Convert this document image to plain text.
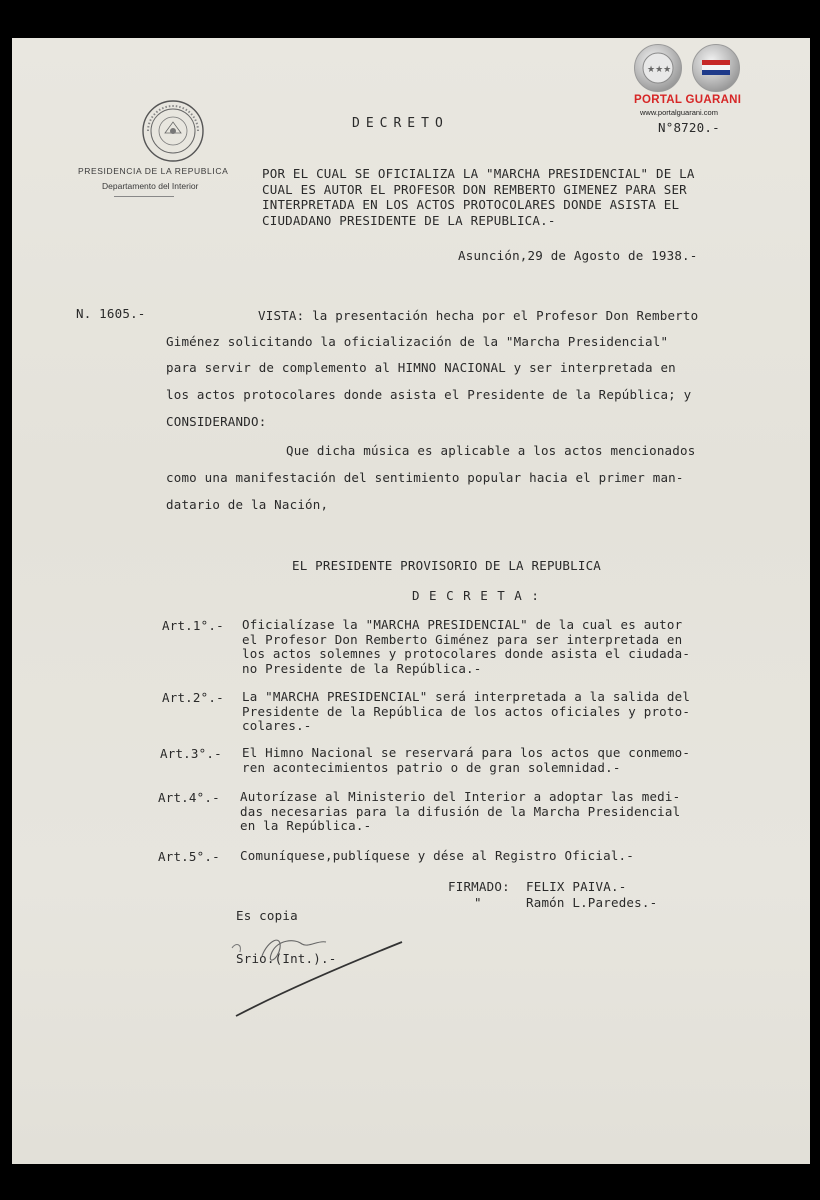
PRESIDENCIA DE LA REPUBLICA
Departamento del Interior
DECRETO	N°8720.-
POR EL CUAL SE OFICIALIZA LA "MARCHA PRESIDENCIAL" DE LA
CUAL ES AUTOR EL PROFESOR DON REMBERTO GIMENEZ PARA SER
INTERPRETADA EN LOS ACTOS PROTOCOLARES DONDE ASISTA EL
CIUDADANO PRESIDENTE DE LA REPUBLICA.-
Asunción,29 de Agosto de 1938.-
N. 1605.-	VISTA: la presentación hecha por el Profesor Don Remberto
Giménez solicitando la oficialización de la "Marcha Presidencial"
para servir de complemento al HIMNO NACIONAL y ser interpretada en
los actos protocolares donde asista el Presidente de la República; y
CONSIDERANDO:
Que dicha música es aplicable a los actos mencionados
como una manifestación del sentimiento popular hacia el primer man-
datario de la Nación,
EL PRESIDENTE PROVISORIO DE LA REPUBLICA
D E C R E T A :
Art.1°.- Oficialízase la "MARCHA PRESIDENCIAL" de la cual es autor
el Profesor Don Remberto Giménez para ser interpretada en
los actos solemnes y protocolares donde asista el ciudada-
no Presidente de la República.-
Art.2°.- La "MARCHA PRESIDENCIAL" será interpretada a la salida del
Presidente de la República de los actos oficiales y proto-
colares.-
Art.3°.- El Himno Nacional se reservará para los actos que conmemo-
ren acontecimientos patrio o de gran solemnidad.-
Art.4°.- Autorízase al Ministerio del Interior a adoptar las medi-
das necesarias para la difusión de la Marcha Presidencial
en la República.-
Art.5°.- Comuníquese,publíquese y dése al Registro Oficial.-
FIRMADO: FELIX PAIVA.-
"	Ramón L.Paredes.-
Es copia
Srio.(Int.).-
★★★
PORTAL GUARANI
www.portalguarani.com
